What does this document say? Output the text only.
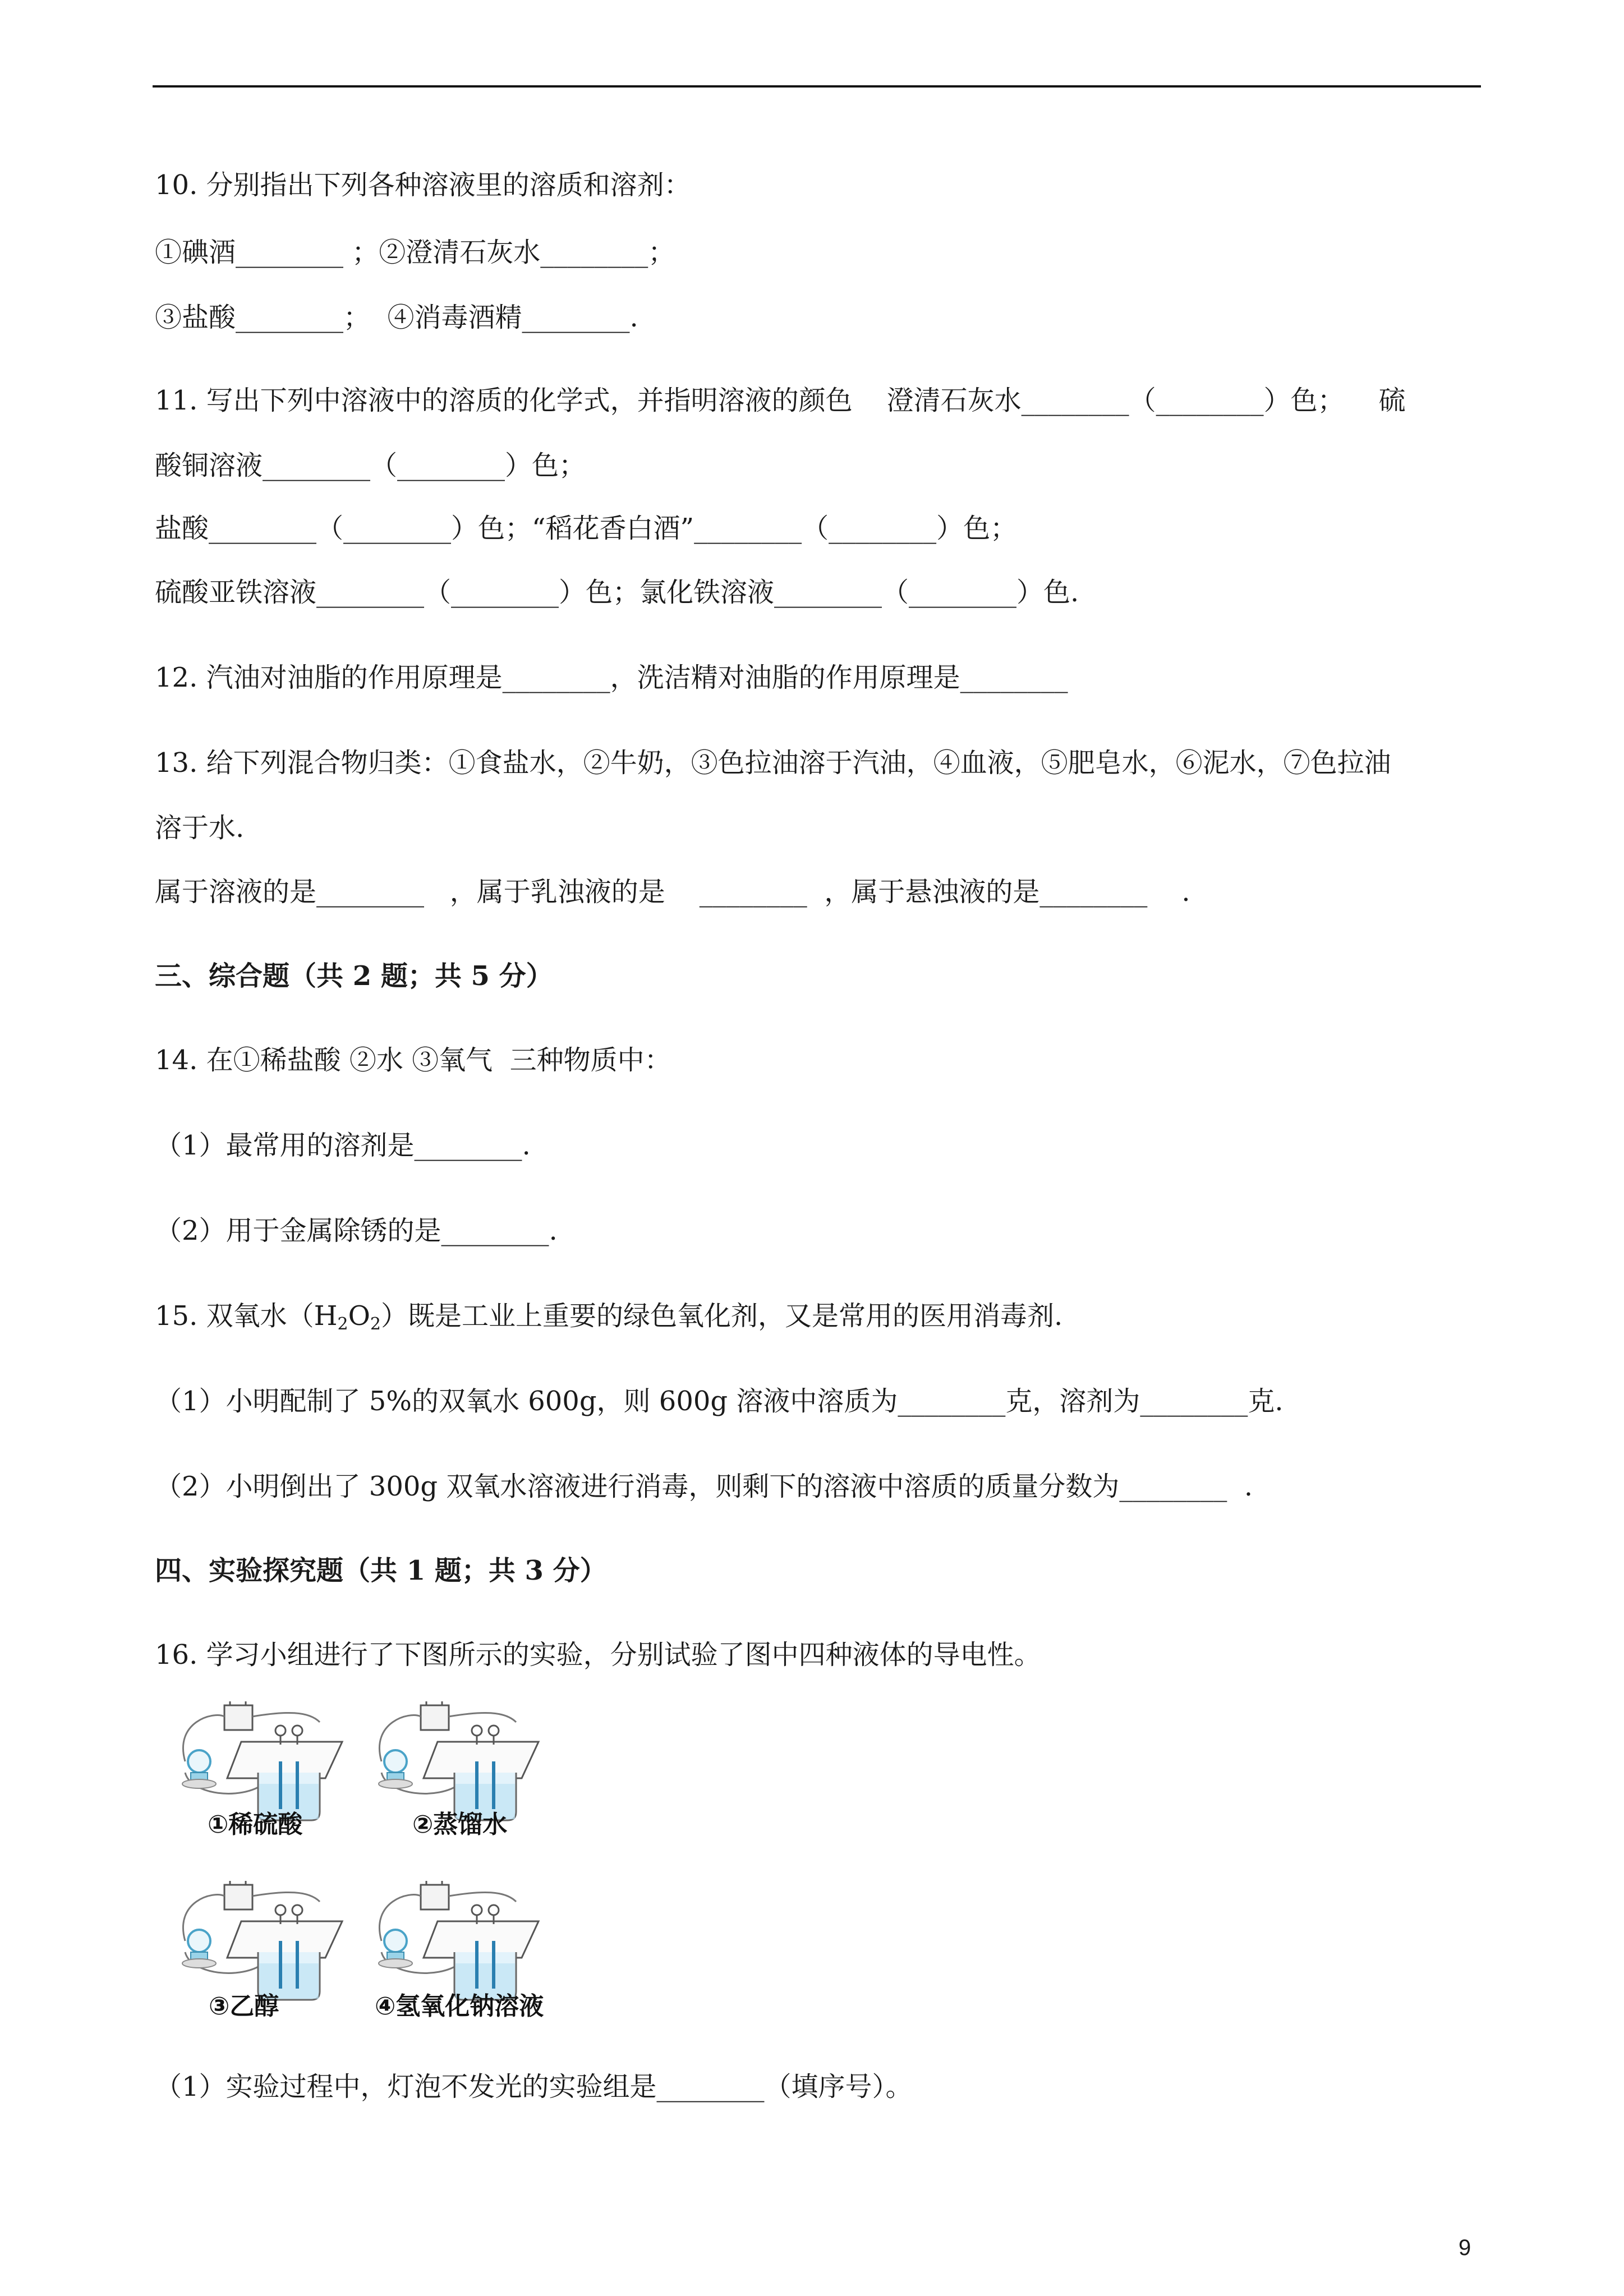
10. 分别指出下列各种溶液里的溶质和溶剂：
①碘酒________ ；②澄清石灰水________；
③盐酸________；  ④消毒酒精________.
11. 写出下列中溶液中的溶质的化学式，并指明溶液的颜色    澄清石灰水________（________）色；    硫
酸铜溶液________（________）色；
盐酸________（________）色；“稻花香白酒”________（________）色；
硫酸亚铁溶液________（________）色；氯化铁溶液________（________）色.
12. 汽油对油脂的作用原理是________，洗洁精对油脂的作用原理是________
13. 给下列混合物归类：①食盐水，②牛奶，③色拉油溶于汽油，④血液，⑤肥皂水，⑥泥水，⑦色拉油
溶于水.
属于溶液的是________   ，属于乳浊液的是    ________  ，属于悬浊液的是________    .
三、综合题（共 2 题；共 5 分）
14. 在①稀盐酸 ②水 ③氧气  三种物质中：
（1）最常用的溶剂是________.
（2）用于金属除锈的是________.
15. 双氧水$(H_2O_2)$既是工业上重要的绿色氧化剂，又是常用的医用消毒剂.
（1）小明配制了 5%的双氧水 600g，则 600g 溶液中溶质为________克，溶剂为________克.
（2）小明倒出了 300g 双氧水溶液进行消毒，则剩下的溶液中溶质的质量分数为________  .
四、实验探究题（共 1 题；共 3 分）
16. 学习小组进行了下图所示的实验，分别试验了图中四种液体的导电性。
①稀硫酸	②蒸馏水
③乙醇	④氢氧化钠溶液
（1）实验过程中，灯泡不发光的实验组是________（填序号）。
9
